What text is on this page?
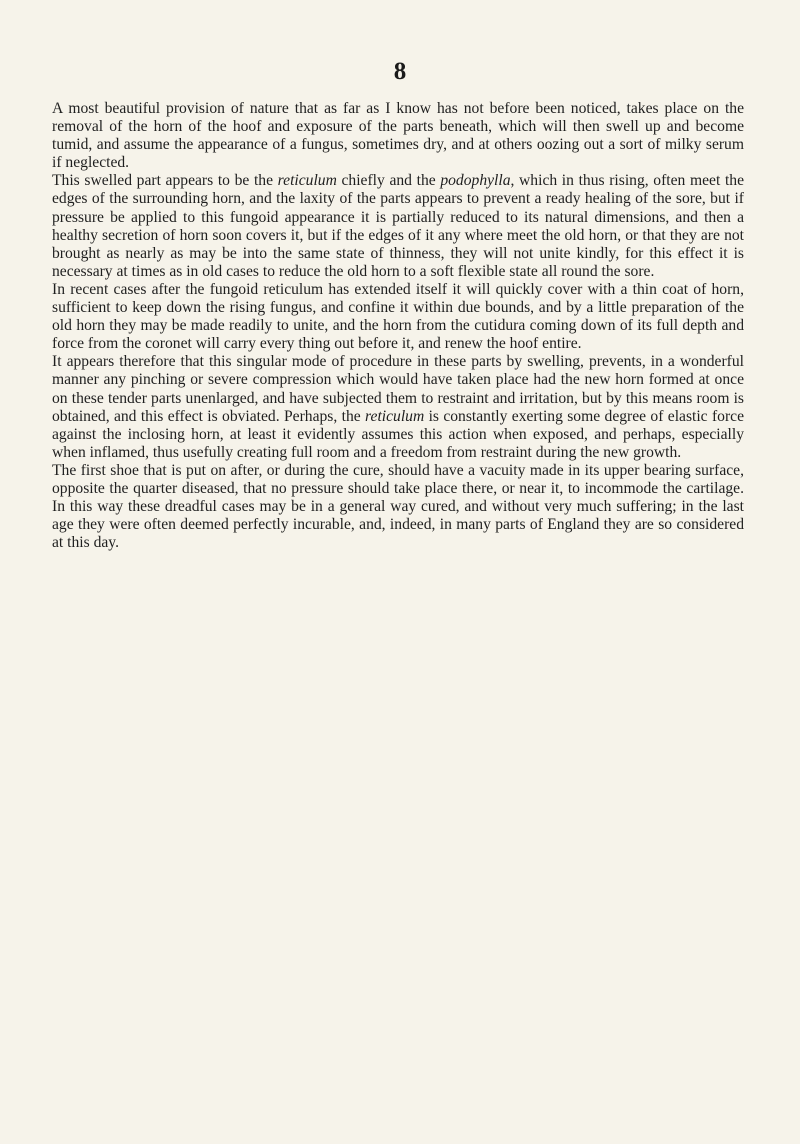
8

A most beautiful provision of nature that as far as I know has not before been noticed, takes place on the removal of the horn of the hoof and exposure of the parts beneath, which will then swell up and become tumid, and assume the appearance of a fungus, sometimes dry, and at others oozing out a sort of milky serum if neglected.

This swelled part appears to be the reticulum chiefly and the podophylla, which in thus rising, often meet the edges of the surrounding horn, and the laxity of the parts appears to prevent a ready healing of the sore, but if pressure be applied to this fungoid appearance it is partially reduced to its natural dimensions, and then a healthy secretion of horn soon covers it, but if the edges of it any where meet the old horn, or that they are not brought as nearly as may be into the same state of thinness, they will not unite kindly, for this effect it is necessary at times as in old cases to reduce the old horn to a soft flexible state all round the sore.

In recent cases after the fungoid reticulum has extended itself it will quickly cover with a thin coat of horn, sufficient to keep down the rising fungus, and confine it within due bounds, and by a little preparation of the old horn they may be made readily to unite, and the horn from the cutidura coming down of its full depth and force from the coronet will carry every thing out before it, and renew the hoof entire.

It appears therefore that this singular mode of procedure in these parts by swelling, prevents, in a wonderful manner any pinching or severe compression which would have taken place had the new horn formed at once on these tender parts unenlarged, and have subjected them to restraint and irritation, but by this means room is obtained, and this effect is obviated. Perhaps, the reticulum is constantly exerting some degree of elastic force against the inclosing horn, at least it evidently assumes this action when exposed, and perhaps, especially when inflamed, thus usefully creating full room and a freedom from restraint during the new growth.

The first shoe that is put on after, or during the cure, should have a vacuity made in its upper bearing surface, opposite the quarter diseased, that no pressure should take place there, or near it, to incommode the cartilage. In this way these dreadful cases may be in a general way cured, and without very much suffering; in the last age they were often deemed perfectly incurable, and, indeed, in many parts of England they are so considered at this day.
